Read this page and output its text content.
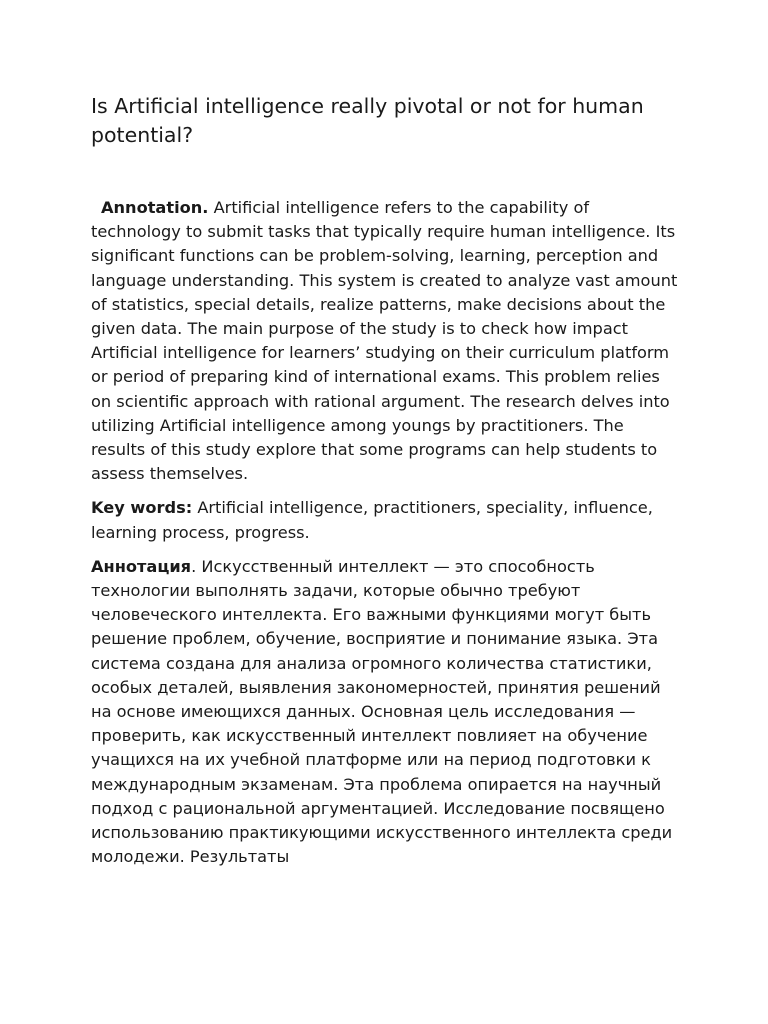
Is Artificial intelligence really pivotal or not for human potential?

Annotation. Artificial intelligence refers to the capability of technology to submit tasks that typically require human intelligence. Its significant functions can be problem-solving, learning, perception and language understanding. This system is created to analyze vast amount of statistics, special details, realize patterns, make decisions about the given data. The main purpose of the study is to check how impact Artificial intelligence for learners’ studying on their curriculum platform or period of preparing kind of international exams. This problem relies on scientific approach with rational argument. The research delves into utilizing Artificial intelligence among youngs by practitioners. The results of this study explore that some programs can help students to assess themselves.

Key words: Artificial intelligence, practitioners, speciality, influence, learning process, progress.

Аннотация. Искусственный интеллект — это способность технологии выполнять задачи, которые обычно требуют человеческого интеллекта. Его важными функциями могут быть решение проблем, обучение, восприятие и понимание языка. Эта система создана для анализа огромного количества статистики, особых деталей, выявления закономерностей, принятия решений на основе имеющихся данных. Основная цель исследования — проверить, как искусственный интеллект повлияет на обучение учащихся на их учебной платформе или на период подготовки к международным экзаменам. Эта проблема опирается на научный подход с рациональной аргументацией. Исследование посвящено использованию практикующими искусственного интеллекта среди молодежи. Результаты
